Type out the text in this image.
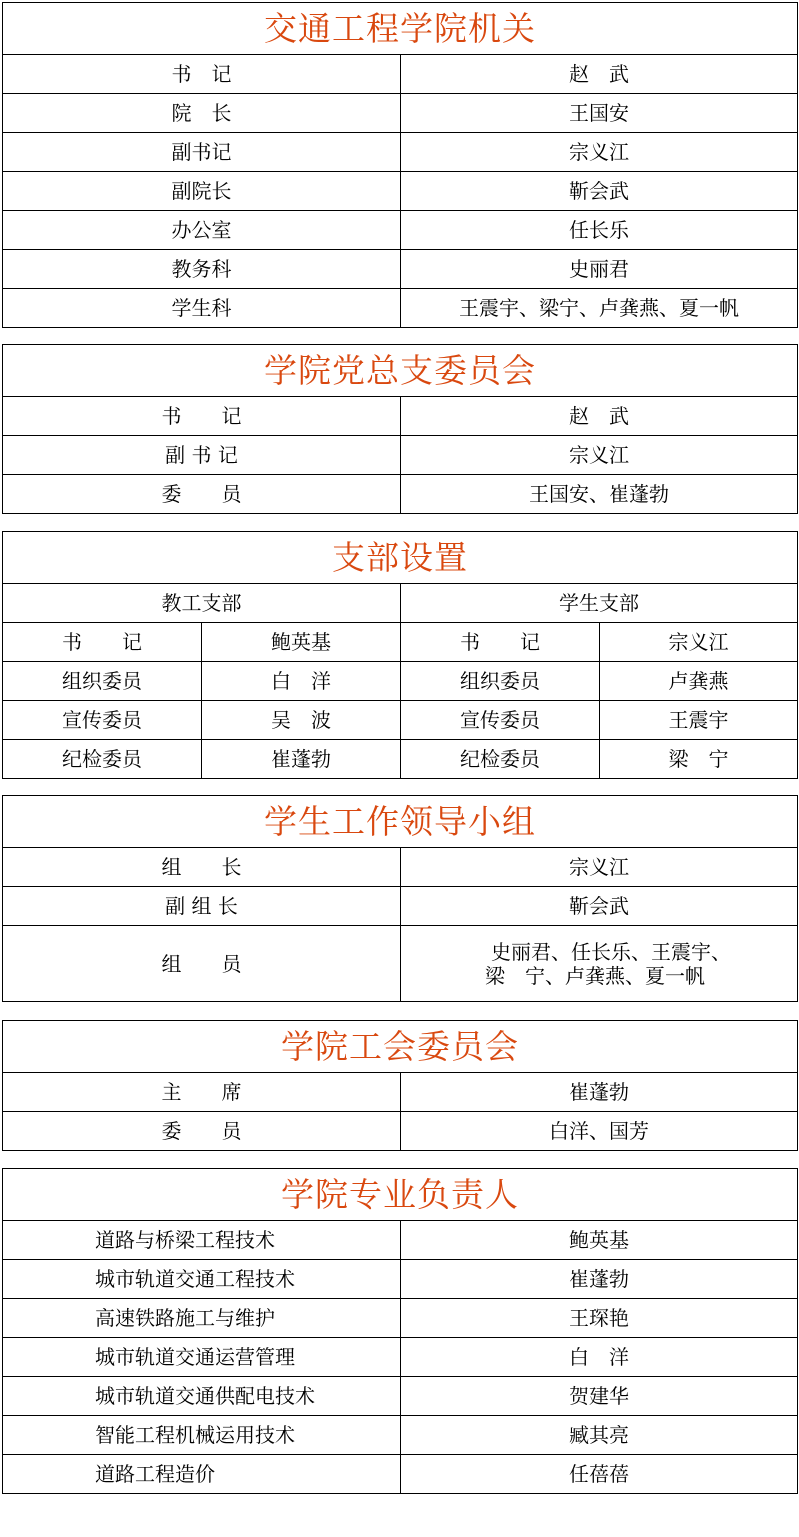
交通工程学院机关	
书　记	赵　武
院　长	王国安
副书记	宗义江
副院长	靳会武
办公室	任长乐
教务科	史丽君
学生科	王震宇、梁宁、卢龚燕、夏一帆
学院党总支委员会	
书　　记	赵　武
副 书 记	宗义江
委　　员	王国安、崔蓬勃
支部设置			
教工支部		学生支部	
书　　记	鲍英基	书　　记	宗义江
组织委员	白　洋	组织委员	卢龚燕
宣传委员	吴　波	宣传委员	王震宇
纪检委员	崔蓬勃	纪检委员	梁　宁
学生工作领导小组	
组　　长	宗义江
副 组 长	靳会武
组　　员	史丽君、任长乐、王震宇、
梁　宁、卢龚燕、夏一帆
学院工会委员会	
主　　席	崔蓬勃
委　　员	白洋、国芳
学院专业负责人	
道路与桥梁工程技术	鲍英基
城市轨道交通工程技术	崔蓬勃
高速铁路施工与维护	王琛艳
城市轨道交通运营管理	白　洋
城市轨道交通供配电技术	贺建华
智能工程机械运用技术	臧其亮
道路工程造价	任蓓蓓
